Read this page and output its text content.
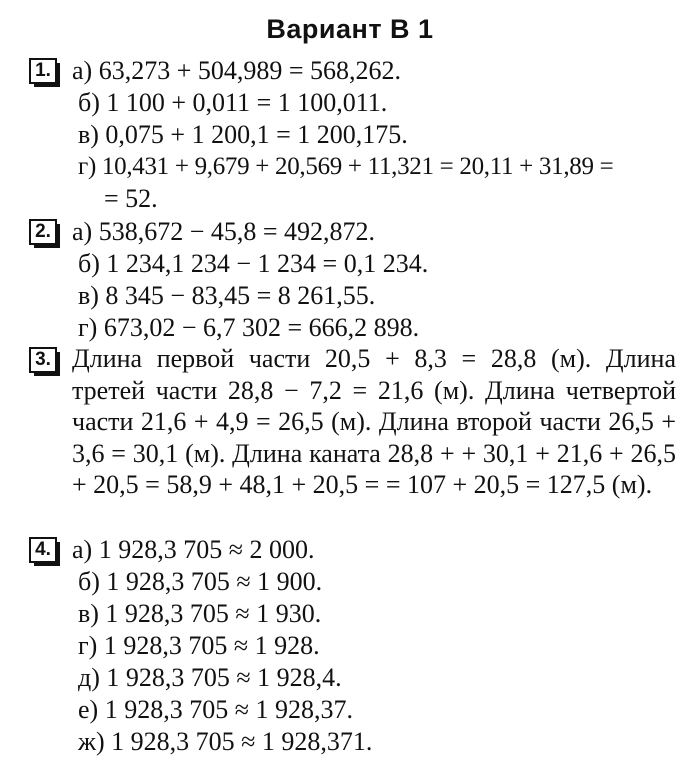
Вариант В 1
1. а) 63,273 + 504,989 = 568,262.
б) 1 100 + 0,011 = 1 100,011.
в) 0,075 + 1 200,1 = 1 200,175.
г) 10,431 + 9,679 + 20,569 + 11,321 = 20,11 + 31,89 =
= 52.
2. а) 538,672 − 45,8 = 492,872.
б) 1 234,1 234 − 1 234 = 0,1 234.
в) 8 345 − 83,45 = 8 261,55.
г) 673,02 − 6,7 302 = 666,2 898.
3. Длина первой части 20,5 + 8,3 = 28,8 (м). Длина третей части 28,8 − 7,2 = 21,6 (м). Длина четвертой части 21,6 + 4,9 = 26,5 (м). Длина второй части 26,5 + 3,6 = 30,1 (м). Длина каната 28,8 + + 30,1 + 21,6 + 26,5 + 20,5 = 58,9 + 48,1 + 20,5 = = 107 + 20,5 = 127,5 (м).
4. а) 1 928,3 705 ≈ 2 000.
б) 1 928,3 705 ≈ 1 900.
в) 1 928,3 705 ≈ 1 930.
г) 1 928,3 705 ≈ 1 928.
д) 1 928,3 705 ≈ 1 928,4.
е) 1 928,3 705 ≈ 1 928,37.
ж) 1 928,3 705 ≈ 1 928,371.
